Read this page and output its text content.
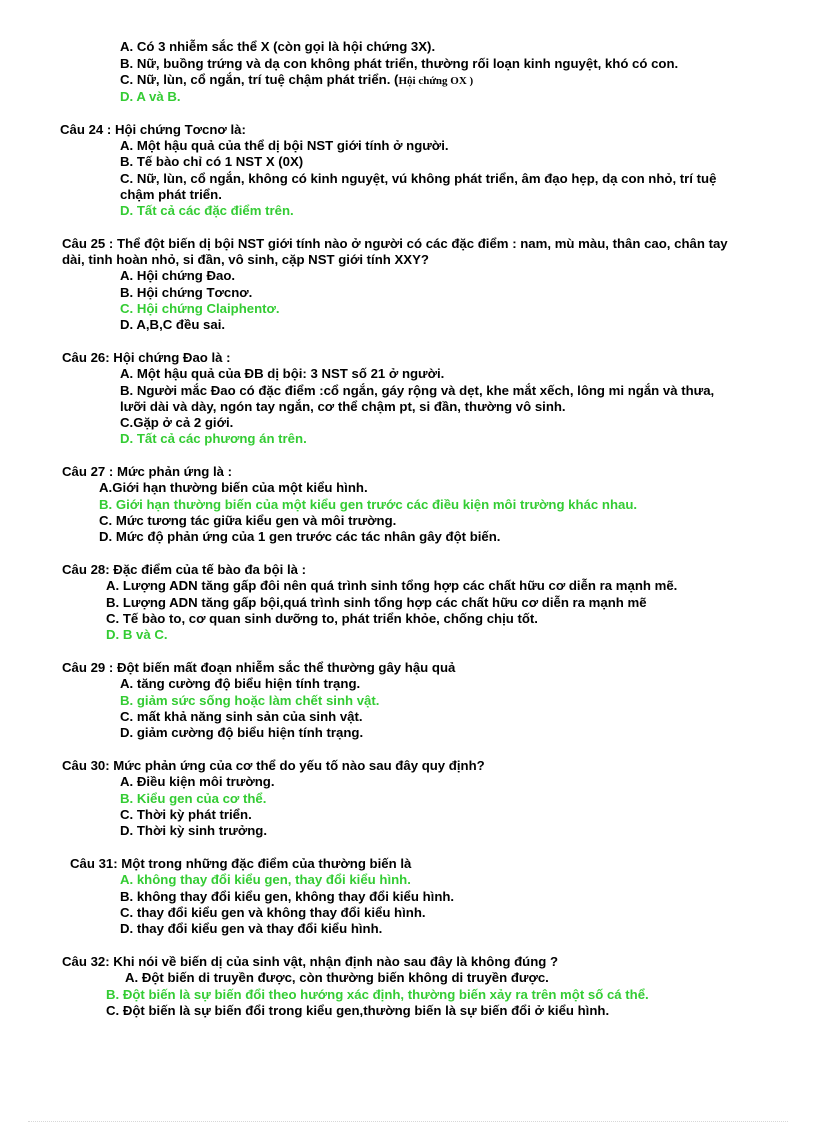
A. Có 3 nhiễm sắc thể X (còn gọi là hội chứng 3X).
B. Nữ, buồng trứng và dạ con không phát triển, thường rối loạn kinh nguyệt, khó có con.
C. Nữ, lùn, cổ ngắn, trí tuệ chậm phát triển. (Hội chứng OX )
D. A và B.
Câu 24 : Hội chứng Tơcnơ là:
A. Một hậu quả của thể dị bội NST giới tính ở người.
B. Tế bào chỉ có 1 NST X (0X)
C. Nữ, lùn, cổ ngắn, không có kinh nguyệt, vú không phát triển, âm đạo hẹp, dạ con nhỏ, trí tuệ
chậm phát triển.
D. Tất cả các đặc điểm trên.
Câu 25 : Thể đột biến dị bội NST giới tính nào ở người có các đặc điểm : nam, mù màu, thân cao, chân tay
dài, tinh hoàn nhỏ, si đần, vô sinh, cặp NST giới tính XXY?
A. Hội chứng Đao.
B. Hội chứng Tơcnơ.
C. Hội chứng Claiphentơ.
D. A,B,C đều sai.
Câu 26: Hội chứng Đao là :
A. Một hậu quả của ĐB dị bội: 3 NST số 21 ở người.
B. Người mắc Đao có đặc điểm :cổ ngắn, gáy rộng và dẹt, khe mắt xếch, lông mi ngắn và thưa,
lưỡi dài và dày, ngón tay ngắn, cơ thể chậm pt, si đần, thường vô sinh.
C.Gặp ở cả 2 giới.
D. Tất cả các phương án trên.
Câu 27 : Mức phản ứng là :
A.Giới hạn thường biến của một kiểu hình.
B. Giới hạn thường biến của một kiểu gen trước các điều kiện môi trường khác nhau.
C. Mức tương tác giữa kiểu gen và môi trường.
D. Mức độ phản ứng của 1 gen trước các tác nhân gây đột biến.
Câu 28: Đặc điểm của tế bào đa bội là :
A. Lượng ADN tăng gấp đôi nên quá trình sinh tổng hợp các chất hữu cơ diễn ra mạnh mẽ.
B. Lượng ADN tăng gấp bội,quá trình sinh tổng hợp các chất hữu cơ diễn ra mạnh mẽ
C. Tế bào to, cơ quan sinh dưỡng to, phát triển khỏe, chống chịu tốt.
D. B và C.
Câu 29 : Đột biến mất đoạn nhiễm sắc thể thường gây hậu quả
A. tăng cường độ biểu hiện tính trạng.
B. giảm sức sống hoặc làm chết sinh vật.
C. mất khả năng sinh sản của sinh vật.
D. giảm cường độ biểu hiện tính trạng.
Câu 30: Mức phản ứng của cơ thể do yếu tố nào sau đây quy định?
A. Điều kiện môi trường.
B. Kiểu gen của cơ thể.
C. Thời kỳ phát triển.
D. Thời kỳ sinh trưởng.
Câu 31: Một trong những đặc điểm của thường biến là
A. không thay đổi kiểu gen, thay đổi kiểu hình.
B. không thay đổi kiểu gen, không thay đổi kiểu hình.
C. thay đổi kiểu gen và không thay đổi kiểu hình.
D. thay đổi kiểu gen và thay đổi kiểu hình.
Câu 32: Khi nói về biến dị của sinh vật, nhận định nào sau đây là không đúng ?
A. Đột biến di truyền được, còn thường biến không di truyền được.
B. Đột biến là sự biến đổi theo hướng xác định, thường biến xảy ra trên một số cá thể.
C. Đột biến là sự biến đổi trong kiểu gen,thường biến là sự biến đổi ở kiểu hình.
